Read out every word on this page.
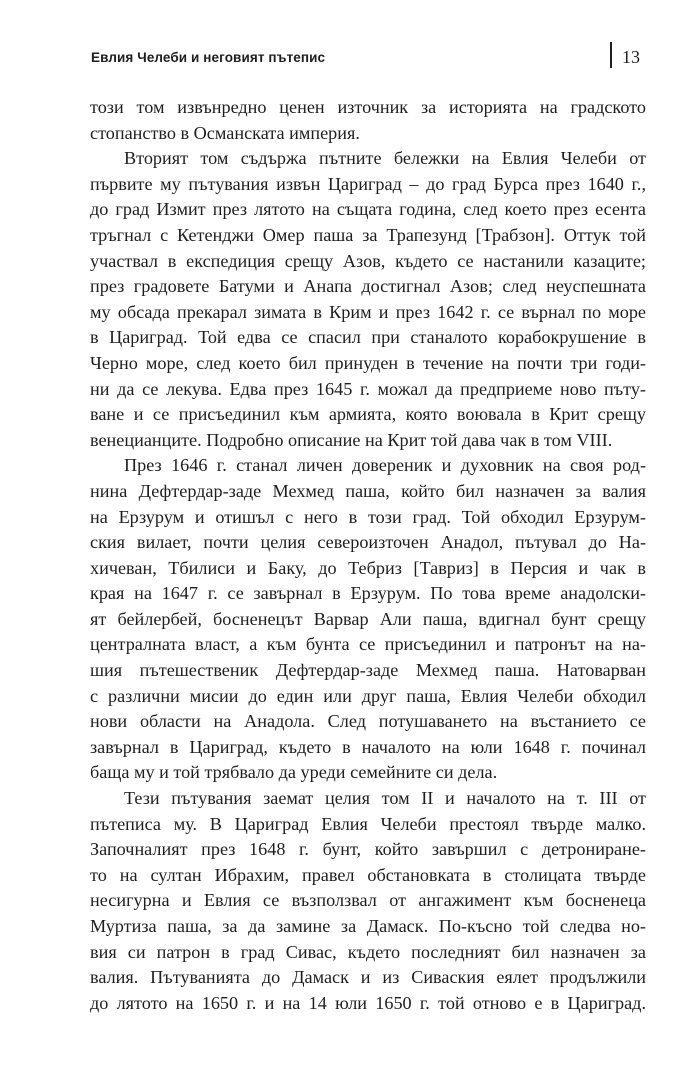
Евлия Челеби и неговият пътепис	13
този том извънредно ценен източник за историята на градското
стопанство в Османската империя.
Вторият том съдържа пътните бележки на Евлия Челеби от
първите му пътувания извън Цариград – до град Бурса през 1640 г.,
до град Измит през лятото на същата година, след което през есента
тръгнал с Кетенджи Омер паша за Трапезунд [Трабзон]. Оттук той
участвал в експедиция срещу Азов, където се настанили казаците;
през градовете Батуми и Анапа достигнал Азов; след неуспешната
му обсада прекарал зимата в Крим и през 1642 г. се върнал по море
в Цариград. Той едва се спасил при станалото корабокрушение в
Черно море, след което бил принуден в течение на почти три годи-
ни да се лекува. Едва през 1645 г. можал да предприеме ново пъту-
ване и се присъединил към армията, която воювала в Крит срещу
венецианците. Подробно описание на Крит той дава чак в том VIII.
През 1646 г. станал личен доверeник и духовник на своя род-
нина Дефтердар-заде Мехмед паша, който бил назначен за валия
на Ерзурум и отишъл с него в този град. Той обходил Ерзурум-
ския вилает, почти целия североизточен Анадол, пътувал до На-
хичеван, Тбилиси и Баку, до Тебриз [Тавриз] в Персия и чак в
края на 1647 г. се завърнал в Ерзурум. По това време анадолски-
ят бейлербей, босненецът Варвар Али паша, вдигнал бунт срещу
централната власт, а към бунта се присъединил и патронът на на-
шия пътешественик Дефтердар-заде Мехмед паша. Натоварван
с различни мисии до един или друг паша, Евлия Челеби обходил
нови области на Анадола. След потушаването на въстанието се
завърнал в Цариград, където в началото на юли 1648 г. починал
баща му и той трябвало да уреди семейните си дела.
Тези пътувания заемат целия том II и началото на т. III от
пътеписа му. В Цариград Евлия Челеби престоял твърде малко.
Започналият през 1648 г. бунт, който завършил с детрониране-
то на султан Ибрахим, правел обстановката в столицата твърде
несигурна и Евлия се възползвал от ангажимент към босненеца
Муртиза паша, за да замине за Дамаск. По-късно той следва но-
вия си патрон в град Сивас, където последният бил назначен за
валия. Пътуванията до Дамаск и из Сиваския еялет продължили
до лятото на 1650 г. и на 14 юли 1650 г. той отново е в Цариград.
